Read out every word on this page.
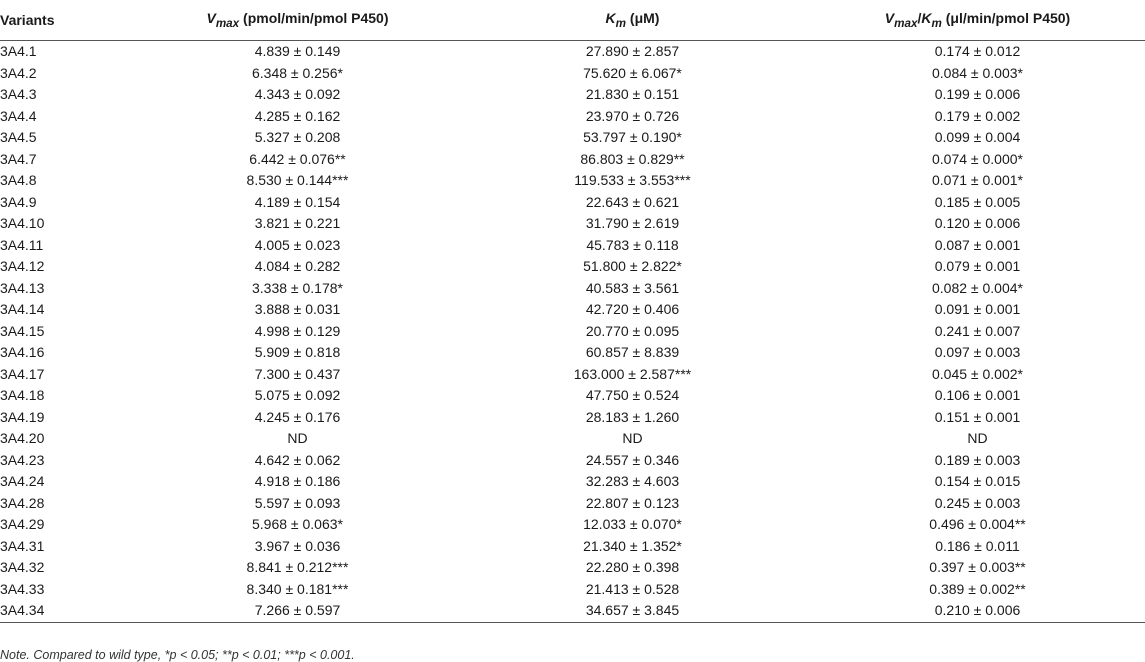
Variants	$V_{max}$ (pmol/min/pmol P450)	$K_m$ (μM)	$V_{max}/K_m$ (μl/min/pmol P450)
3A4.1	4.839 ± 0.149	27.890 ± 2.857	0.174 ± 0.012
3A4.2	6.348 ± 0.256*	75.620 ± 6.067*	0.084 ± 0.003*
3A4.3	4.343 ± 0.092	21.830 ± 0.151	0.199 ± 0.006
3A4.4	4.285 ± 0.162	23.970 ± 0.726	0.179 ± 0.002
3A4.5	5.327 ± 0.208	53.797 ± 0.190*	0.099 ± 0.004
3A4.7	6.442 ± 0.076**	86.803 ± 0.829**	0.074 ± 0.000*
3A4.8	8.530 ± 0.144***	119.533 ± 3.553***	0.071 ± 0.001*
3A4.9	4.189 ± 0.154	22.643 ± 0.621	0.185 ± 0.005
3A4.10	3.821 ± 0.221	31.790 ± 2.619	0.120 ± 0.006
3A4.11	4.005 ± 0.023	45.783 ± 0.118	0.087 ± 0.001
3A4.12	4.084 ± 0.282	51.800 ± 2.822*	0.079 ± 0.001
3A4.13	3.338 ± 0.178*	40.583 ± 3.561	0.082 ± 0.004*
3A4.14	3.888 ± 0.031	42.720 ± 0.406	0.091 ± 0.001
3A4.15	4.998 ± 0.129	20.770 ± 0.095	0.241 ± 0.007
3A4.16	5.909 ± 0.818	60.857 ± 8.839	0.097 ± 0.003
3A4.17	7.300 ± 0.437	163.000 ± 2.587***	0.045 ± 0.002*
3A4.18	5.075 ± 0.092	47.750 ± 0.524	0.106 ± 0.001
3A4.19	4.245 ± 0.176	28.183 ± 1.260	0.151 ± 0.001
3A4.20	ND	ND	ND
3A4.23	4.642 ± 0.062	24.557 ± 0.346	0.189 ± 0.003
3A4.24	4.918 ± 0.186	32.283 ± 4.603	0.154 ± 0.015
3A4.28	5.597 ± 0.093	22.807 ± 0.123	0.245 ± 0.003
3A4.29	5.968 ± 0.063*	12.033 ± 0.070*	0.496 ± 0.004**
3A4.31	3.967 ± 0.036	21.340 ± 1.352*	0.186 ± 0.011
3A4.32	8.841 ± 0.212***	22.280 ± 0.398	0.397 ± 0.003**
3A4.33	8.340 ± 0.181***	21.413 ± 0.528	0.389 ± 0.002**
3A4.34	7.266 ± 0.597	34.657 ± 3.845	0.210 ± 0.006
Note. Compared to wild type, *p < 0.05; **p < 0.01; ***p < 0.001.
